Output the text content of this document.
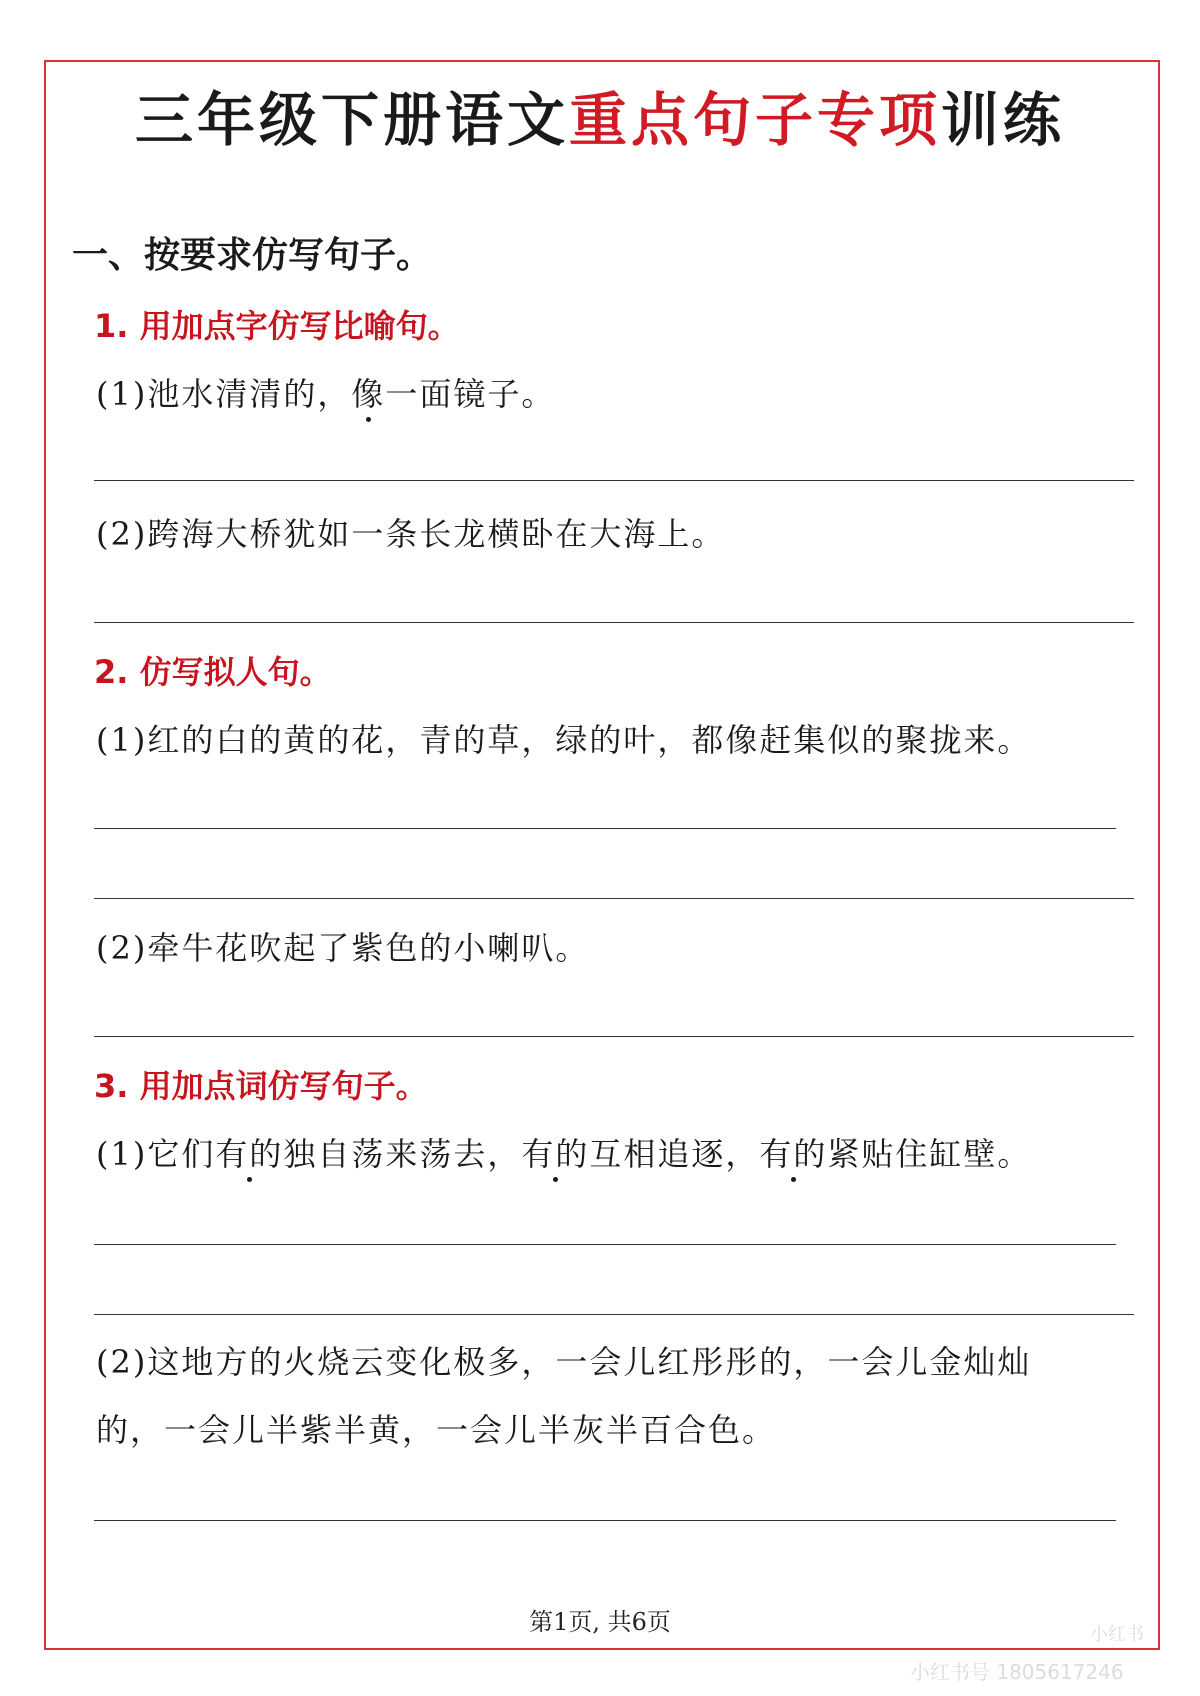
三年级下册语文重点句子专项训练
一、按要求仿写句子。
1. 用加点字仿写比喻句。
(1)池水清清的，像一面镜子。
(2)跨海大桥犹如一条长龙横卧在大海上。
2. 仿写拟人句。
(1)红的白的黄的花，青的草，绿的叶，都像赶集似的聚拢来。
(2)牵牛花吹起了紫色的小喇叭。
3. 用加点词仿写句子。
(1)它们有的独自荡来荡去，有的互相追逐，有的紧贴住缸壁。
(2)这地方的火烧云变化极多，一会儿红彤彤的，一会儿金灿灿
的，一会儿半紫半黄，一会儿半灰半百合色。
第1页, 共6页	小红书
小红书号 1805617246
